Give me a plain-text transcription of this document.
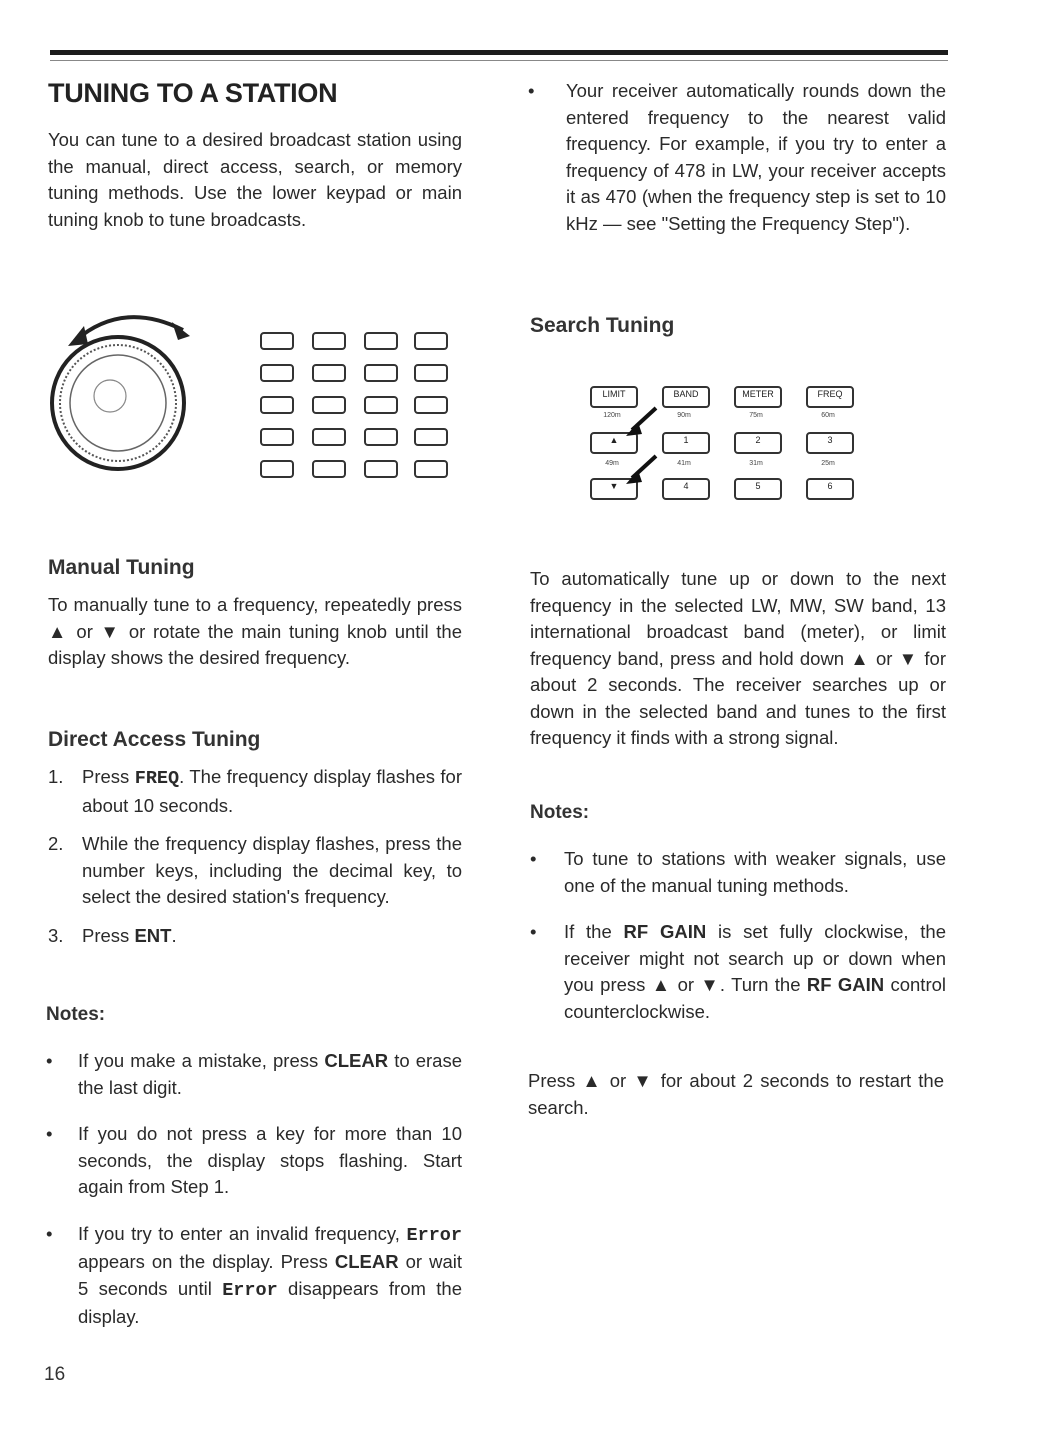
TUNING TO A STATION

You can tune to a desired broadcast station using the manual, direct access, search, or memory tuning methods. Use the lower keypad or main tuning knob to tune broadcasts.

Manual Tuning

To manually tune to a frequency, repeatedly press ▲ or ▼ or rotate the main tuning knob until the display shows the desired frequency.

Direct Access Tuning
1. Press FREQ. The frequency display flashes for about 10 seconds.
2. While the frequency display flashes, press the number keys, including the decimal key, to select the desired station's frequency.
3. Press ENT.
Notes:
• If you make a mistake, press CLEAR to erase the last digit.
• If you do not press a key for more than 10 seconds, the display stops flashing. Start again from Step 1.
• If you try to enter an invalid frequency, Error appears on the display. Press CLEAR or wait 5 seconds until Error disappears from the display.
• Your receiver automatically rounds down the entered frequency to the nearest valid frequency. For example, if you try to enter a frequency of 478 in LW, your receiver accepts it as 470 (when the frequency step is set to 10 kHz — see "Setting the Frequency Step").
Search Tuning
LIMIT	BAND	METER	FREQ
120m	90m	75m	60m
▲	1	2	3
49m	41m	31m	25m
▼	4	5	6

To automatically tune up or down to the next frequency in the selected LW, MW, SW band, 13 international broadcast band (meter), or limit frequency band, press and hold down ▲ or ▼ for about 2 seconds. The receiver searches up or down in the selected band and tunes to the first frequency it finds with a strong signal.

Notes:
• To tune to stations with weaker signals, use one of the manual tuning methods.
• If the RF GAIN is set fully clockwise, the receiver might not search up or down when you press ▲ or ▼. Turn the RF GAIN control counterclockwise.

Press ▲ or ▼ for about 2 seconds to restart the search.

16
